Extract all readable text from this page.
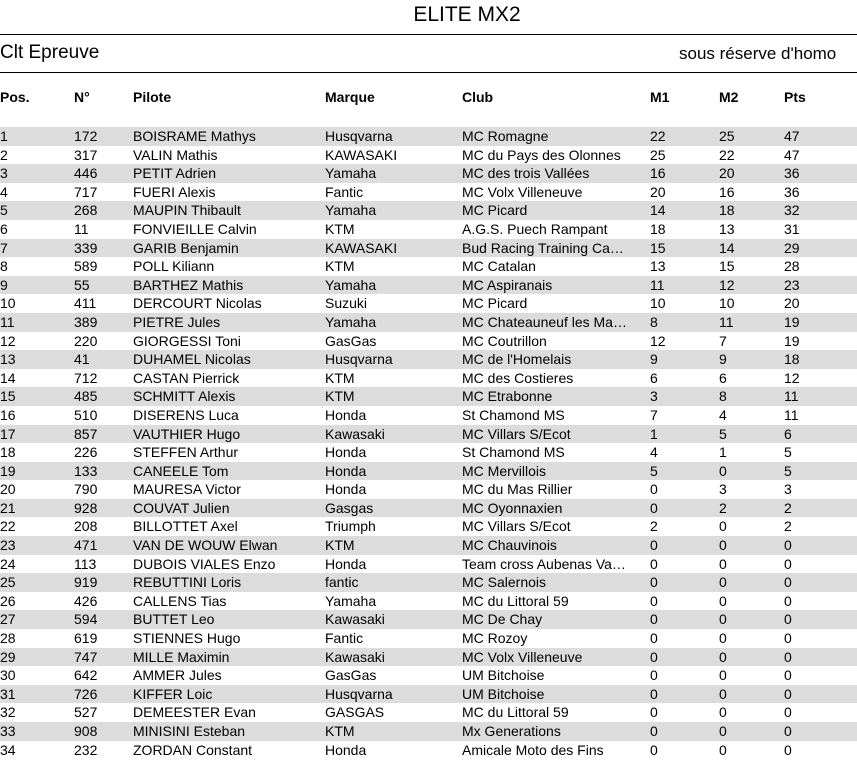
ELITE MX2
Clt Epreuve	sous réserve d'homo
Pos.	N°	Pilote	Marque	Club	M1	M2	Pts
1	172	BOISRAME Mathys	Husqvarna	MC Romagne	22	25	47
2	317	VALIN Mathis	KAWASAKI	MC du Pays des Olonnes	25	22	47
3	446	PETIT Adrien	Yamaha	MC des trois Vallées	16	20	36
4	717	FUERI Alexis	Fantic	MC Volx Villeneuve	20	16	36
5	268	MAUPIN Thibault	Yamaha	MC Picard	14	18	32
6	11	FONVIEILLE Calvin	KTM	A.G.S. Puech Rampant	18	13	31
7	339	GARIB Benjamin	KAWASAKI	Bud Racing Training Ca…	15	14	29
8	589	POLL Kiliann	KTM	MC Catalan	13	15	28
9	55	BARTHEZ Mathis	Yamaha	MC Aspiranais	11	12	23
10	411	DERCOURT Nicolas	Suzuki	MC Picard	10	10	20
11	389	PIETRE Jules	Yamaha	MC Chateauneuf les Ma…	8	11	19
12	220	GIORGESSI Toni	GasGas	MC Coutrillon	12	7	19
13	41	DUHAMEL Nicolas	Husqvarna	MC de l'Homelais	9	9	18
14	712	CASTAN Pierrick	KTM	MC des Costieres	6	6	12
15	485	SCHMITT Alexis	KTM	MC Etrabonne	3	8	11
16	510	DISERENS Luca	Honda	St Chamond MS	7	4	11
17	857	VAUTHIER Hugo	Kawasaki	MC Villars S/Ecot	1	5	6
18	226	STEFFEN Arthur	Honda	St Chamond MS	4	1	5
19	133	CANEELE Tom	Honda	MC Mervillois	5	0	5
20	790	MAURESA Victor	Honda	MC du Mas Rillier	0	3	3
21	928	COUVAT Julien	Gasgas	MC Oyonnaxien	0	2	2
22	208	BILLOTTET Axel	Triumph	MC Villars S/Ecot	2	0	2
23	471	VAN DE WOUW Elwan	KTM	MC Chauvinois	0	0	0
24	113	DUBOIS VIALES Enzo	Honda	Team cross Aubenas Va…	0	0	0
25	919	REBUTTINI Loris	fantic	MC Salernois	0	0	0
26	426	CALLENS Tias	Yamaha	MC du Littoral 59	0	0	0
27	594	BUTTET Leo	Kawasaki	MC De Chay	0	0	0
28	619	STIENNES Hugo	Fantic	MC Rozoy	0	0	0
29	747	MILLE Maximin	Kawasaki	MC Volx Villeneuve	0	0	0
30	642	AMMER Jules	GasGas	UM Bitchoise	0	0	0
31	726	KIFFER Loic	Husqvarna	UM Bitchoise	0	0	0
32	527	DEMEESTER Evan	GASGAS	MC du Littoral 59	0	0	0
33	908	MINISINI Esteban	KTM	Mx Generations	0	0	0
34	232	ZORDAN Constant	Honda	Amicale Moto des Fins	0	0	0
